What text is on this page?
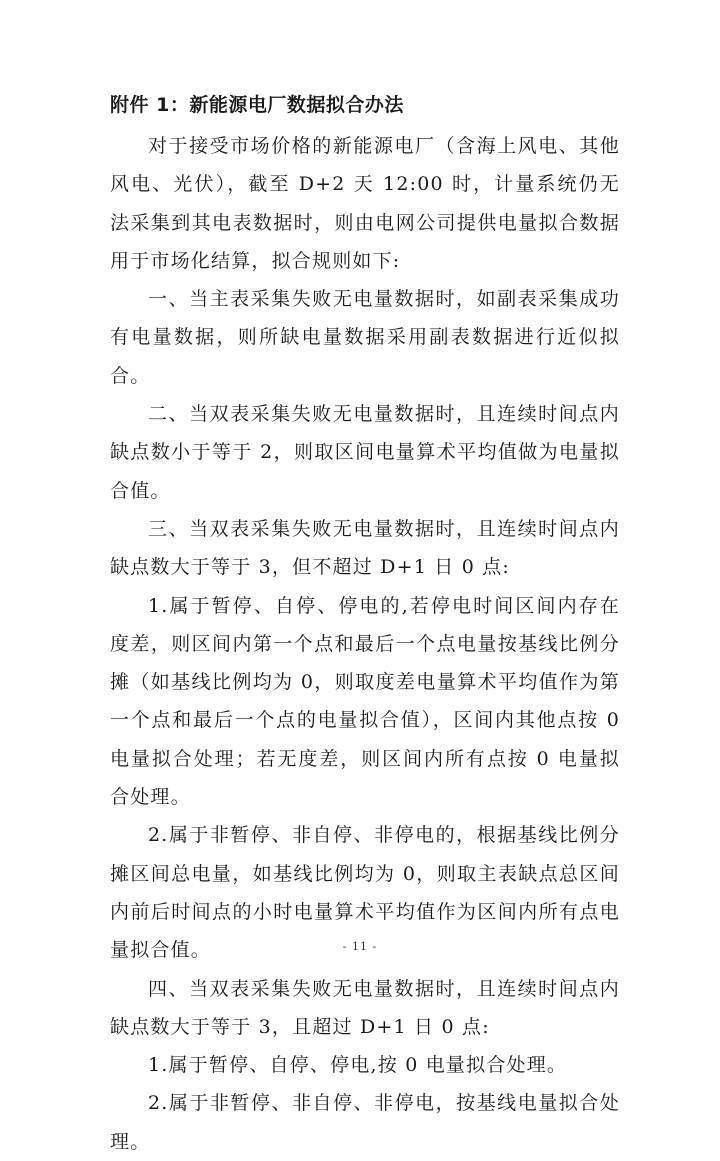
附件 1：新能源电厂数据拟合办法

对于接受市场价格的新能源电厂（含海上风电、其他风电、光伏），截至 D+2 天 12:00 时，计量系统仍无法采集到其电表数据时，则由电网公司提供电量拟合数据用于市场化结算，拟合规则如下:

一、当主表采集失败无电量数据时，如副表采集成功有电量数据，则所缺电量数据采用副表数据进行近似拟合。

二、当双表采集失败无电量数据时，且连续时间点内缺点数小于等于 2，则取区间电量算术平均值做为电量拟合值。

三、当双表采集失败无电量数据时，且连续时间点内缺点数大于等于 3，但不超过 D+1 日 0 点:

1.属于暂停、自停、停电的,若停电时间区间内存在度差，则区间内第一个点和最后一个点电量按基线比例分摊（如基线比例均为 0，则取度差电量算术平均值作为第一个点和最后一个点的电量拟合值），区间内其他点按 0 电量拟合处理；若无度差，则区间内所有点按 0 电量拟合处理。

2.属于非暂停、非自停、非停电的，根据基线比例分摊区间总电量，如基线比例均为 0，则取主表缺点总区间内前后时间点的小时电量算术平均值作为区间内所有点电量拟合值。

四、当双表采集失败无电量数据时，且连续时间点内缺点数大于等于 3，且超过 D+1 日 0 点:

1.属于暂停、自停、停电,按 0 电量拟合处理。

2.属于非暂停、非自停、非停电，按基线电量拟合处理。

- 11 -
